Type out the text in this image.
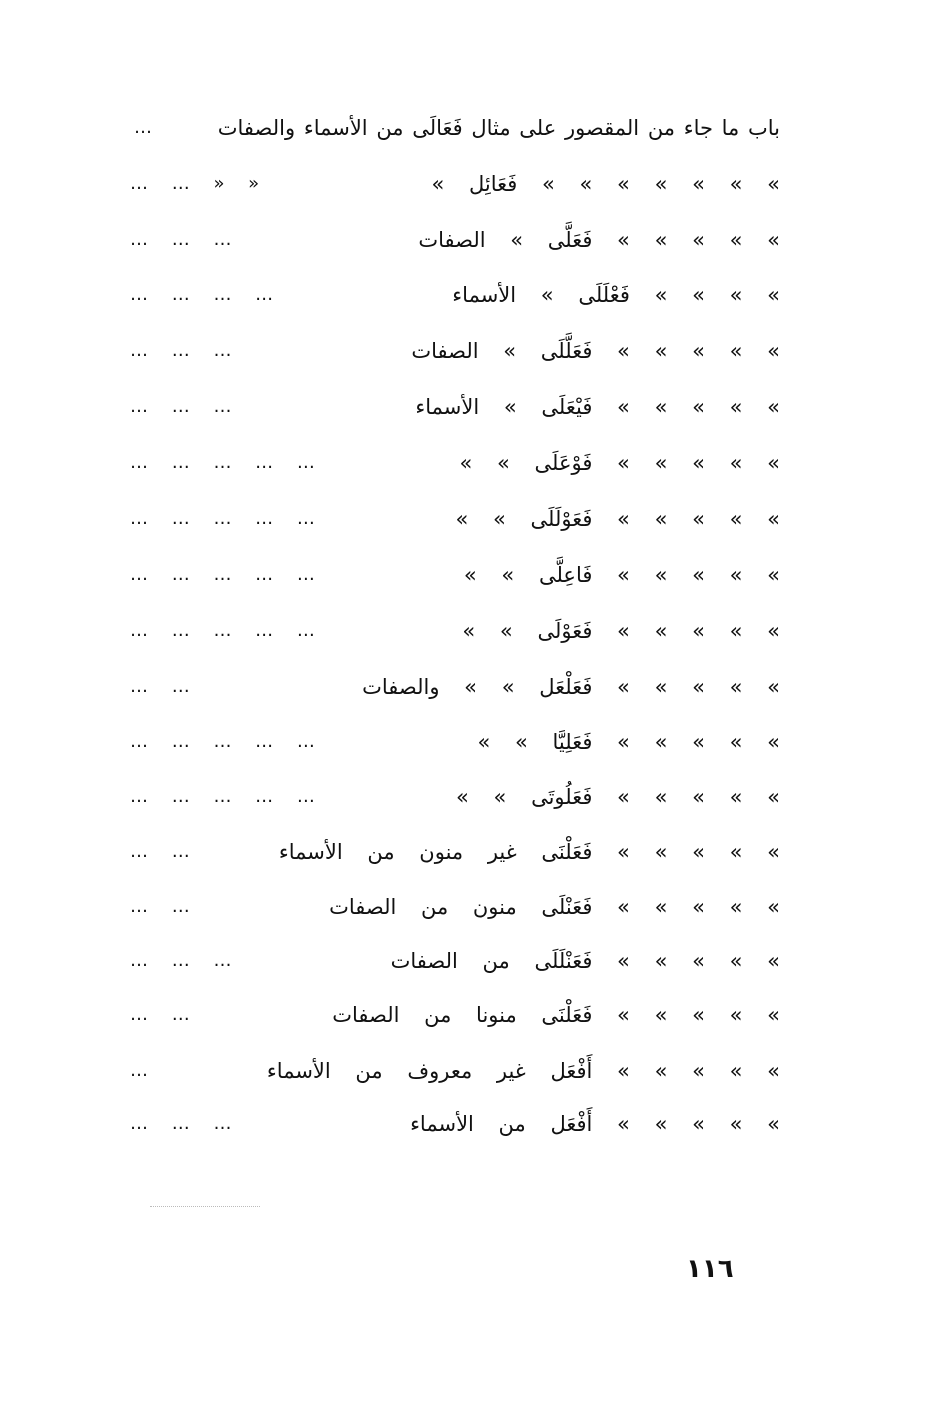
باب ما جاء من المقصور على مثال فَعَالَى من الأسماء والصفات
…
» » » » » » » فَعَائِل »
… … » »
» » » » » فَعَلَّى » الصفات
… … …
» » » » فَعْلَلَى » الأسماء
… … … …
» » » » » فَعَلَّلَى » الصفات
… … …
» » » » » فَيْعَلَى » الأسماء
… … …
» » » » » فَوْعَلَى » »
… … … … …
» » » » » فَعَوْلَلَى » »
… … … … …
» » » » » فَاعِلَّى » »
… … … … …
» » » » » فَعَوْلَى » »
… … … … …
» » » » » فَعَلْعَل » » والصفات
… …
» » » » » فَعَلِيَّا » »
… … … … …
» » » » » فَعَلُوتَى » »
… … … … …
» » » » » فَعَلْنَى غير منون من الأسماء
… …
» » » » » فَعَنْلَى منون من الصفات
… …
» » » » » فَعَنْلَلَى من الصفات
… … …
» » » » » فَعَلْنَى منونا من الصفات
… …
» » » » » أَفْعَل غير معروف من الأسماء
…
» » » » » أَفْعَل من الأسماء
… … …
١١٦
